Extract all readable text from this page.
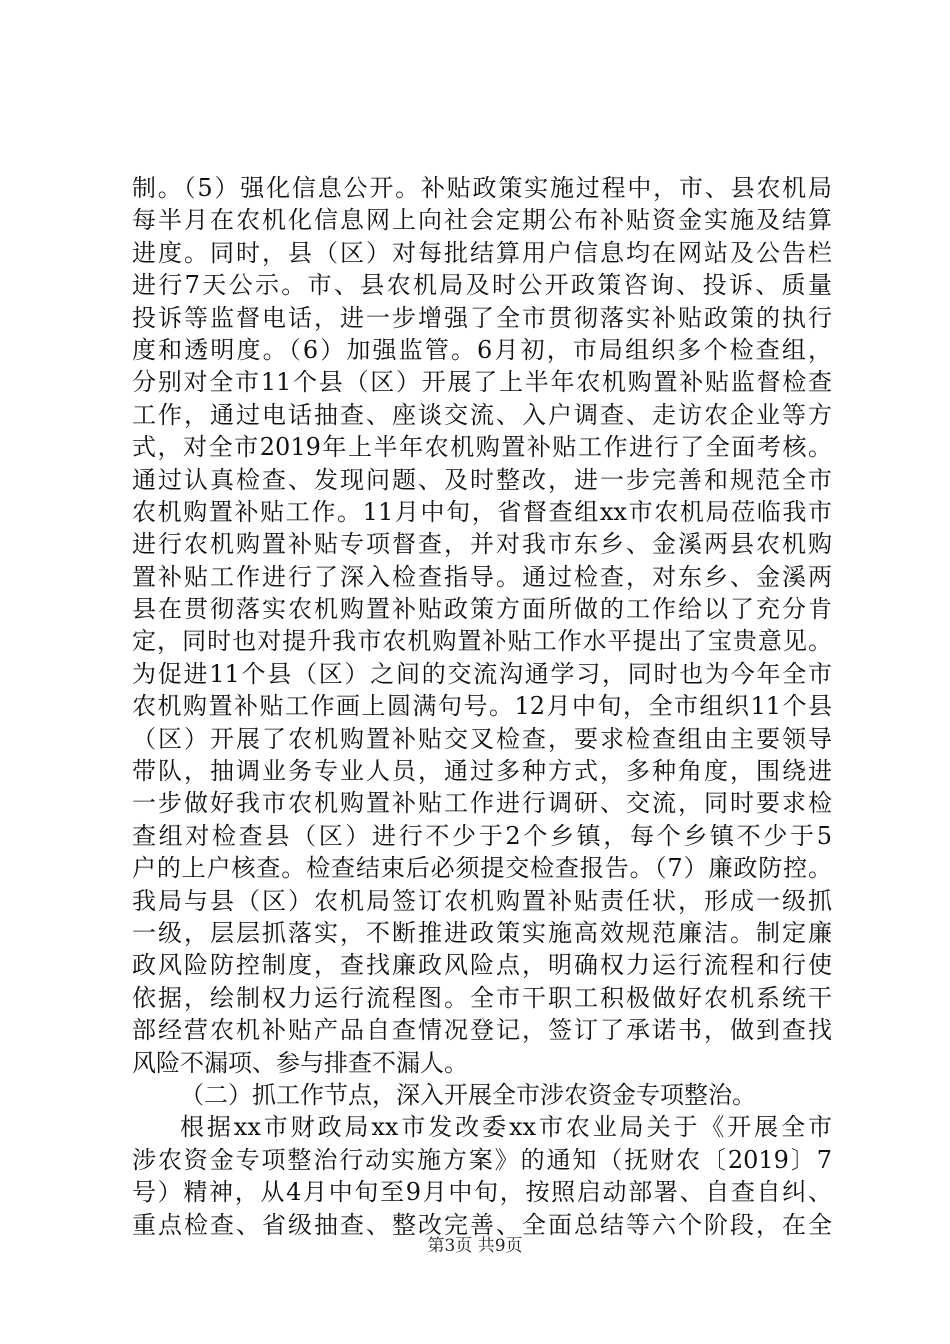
制。（5）强化信息公开。补贴政策实施过程中，市、县农机局
每半月在农机化信息网上向社会定期公布补贴资金实施及结算
进度。同时，县（区）对每批结算用户信息均在网站及公告栏
进行7天公示。市、县农机局及时公开政策咨询、投诉、质量
投诉等监督电话，进一步增强了全市贯彻落实补贴政策的执行
度和透明度。（6）加强监管。6月初，市局组织多个检查组，
分别对全市11个县（区）开展了上半年农机购置补贴监督检查
工作，通过电话抽查、座谈交流、入户调查、走访农企业等方
式，对全市2019年上半年农机购置补贴工作进行了全面考核。
通过认真检查、发现问题、及时整改，进一步完善和规范全市
农机购置补贴工作。11月中旬，省督查组xx市农机局莅临我市
进行农机购置补贴专项督查，并对我市东乡、金溪两县农机购
置补贴工作进行了深入检查指导。通过检查，对东乡、金溪两
县在贯彻落实农机购置补贴政策方面所做的工作给以了充分肯
定，同时也对提升我市农机购置补贴工作水平提出了宝贵意见。
为促进11个县（区）之间的交流沟通学习，同时也为今年全市
农机购置补贴工作画上圆满句号。12月中旬，全市组织11个县
（区）开展了农机购置补贴交叉检查，要求检查组由主要领导
带队，抽调业务专业人员，通过多种方式，多种角度，围绕进
一步做好我市农机购置补贴工作进行调研、交流，同时要求检
查组对检查县（区）进行不少于2个乡镇，每个乡镇不少于5
户的上户核查。检查结束后必须提交检查报告。（7）廉政防控。
我局与县（区）农机局签订农机购置补贴责任状，形成一级抓
一级，层层抓落实，不断推进政策实施高效规范廉洁。制定廉
政风险防控制度，查找廉政风险点，明确权力运行流程和行使
依据，绘制权力运行流程图。全市干职工积极做好农机系统干
部经营农机补贴产品自查情况登记，签订了承诺书，做到查找
风险不漏项、参与排查不漏人。
（二）抓工作节点，深入开展全市涉农资金专项整治。
根据xx市财政局xx市发改委xx市农业局关于《开展全市
涉农资金专项整治行动实施方案》的通知（抚财农〔2019〕7
号）精神，从4月中旬至9月中旬，按照启动部署、自查自纠、
重点检查、省级抽查、整改完善、全面总结等六个阶段，在全
第3页 共9页
